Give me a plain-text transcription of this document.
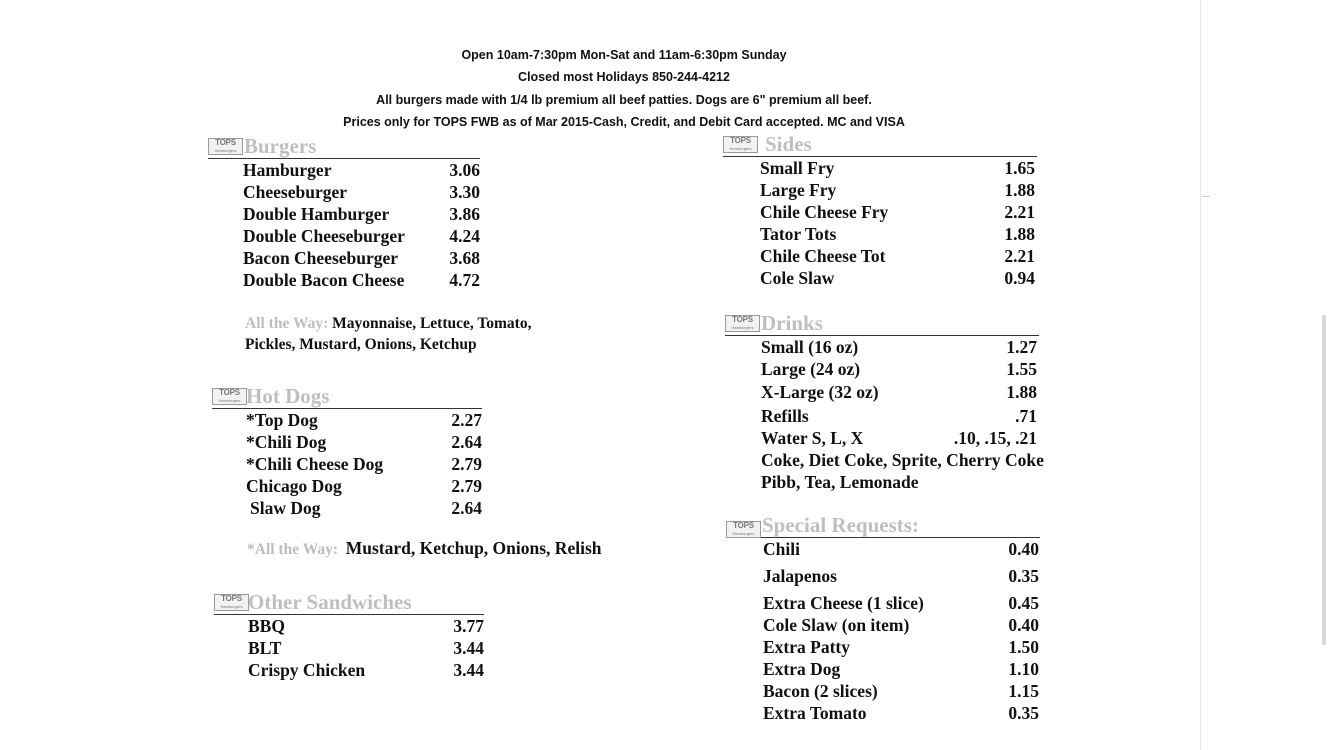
Open 10am-7:30pm Mon-Sat and 11am-6:30pm Sunday
Closed most Holidays 850-244-4212
All burgers made with 1/4 lb premium all beef patties. Dogs are 6" premium all beef.
Prices only for TOPS FWB as of Mar 2015-Cash, Credit, and Debit Card accepted. MC and VISA
TOPS
Hamburgers Burgers
Hamburger	3.06
Cheeseburger	3.30
Double Hamburger	3.86
Double Cheeseburger	4.24
Bacon Cheeseburger	3.68
Double Bacon Cheese	4.72
All the Way: Mayonnaise, Lettuce, Tomato,
Pickles, Mustard, Onions, Ketchup
TOPS
Hamburgers Hot Dogs
*Top Dog	2.27
*Chili Dog	2.64
*Chili Cheese Dog	2.79
Chicago Dog	2.79
Slaw Dog	2.64
*All the Way: Mustard, Ketchup, Onions, Relish
TOPS
Hamburgers Other Sandwiches
BBQ	3.77
BLT	3.44
Crispy Chicken	3.44
TOPS
Hamburgers Sides
Small Fry	1.65
Large Fry	1.88
Chile Cheese Fry	2.21
Tator Tots	1.88
Chile Cheese Tot	2.21
Cole Slaw	0.94
TOPS
Hamburgers Drinks
Small (16 oz)	1.27
Large (24 oz)	1.55
X-Large (32 oz)	1.88
Refills	.71
Water S, L, X	.10, .15, .21
Coke, Diet Coke, Sprite, Cherry Coke
Pibb, Tea, Lemonade
TOPS
Hamburgers Special Requests:
Chili	0.40
Jalapenos	0.35
Extra Cheese (1 slice)	0.45
Cole Slaw (on item)	0.40
Extra Patty	1.50
Extra Dog	1.10
Bacon (2 slices)	1.15
Extra Tomato	0.35
